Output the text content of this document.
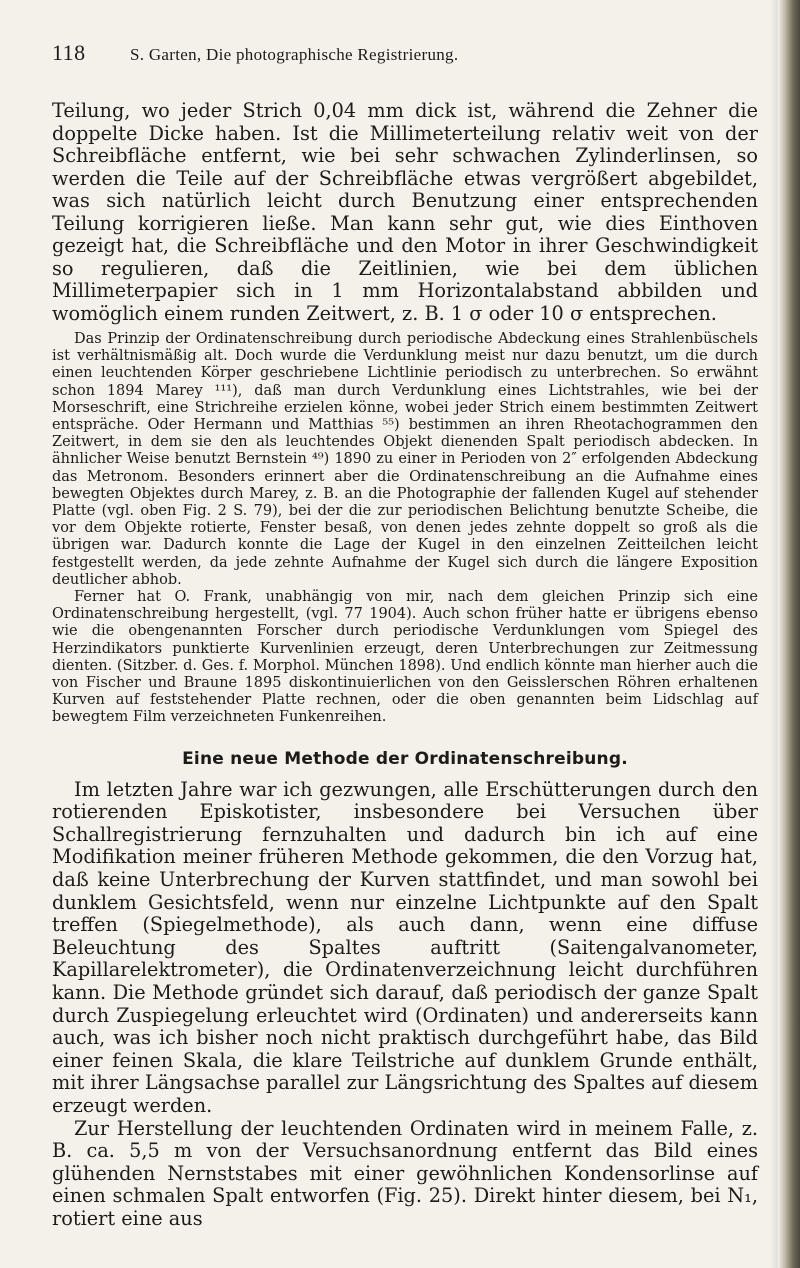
118	S. Garten, Die photographische Registrierung.

Teilung, wo jeder Strich 0,04 mm dick ist, während die Zehner die doppelte Dicke haben. Ist die Millimeterteilung relativ weit von der Schreibfläche entfernt, wie bei sehr schwachen Zylinderlinsen, so werden die Teile auf der Schreibfläche etwas vergrößert abgebildet, was sich natürlich leicht durch Benutzung einer entsprechenden Teilung korrigieren ließe. Man kann sehr gut, wie dies Einthoven gezeigt hat, die Schreibfläche und den Motor in ihrer Geschwindigkeit so regulieren, daß die Zeitlinien, wie bei dem üblichen Millimeterpapier sich in 1 mm Horizontalabstand abbilden und womöglich einem runden Zeitwert, z. B. 1 σ oder 10 σ entsprechen.

Das Prinzip der Ordinatenschreibung durch periodische Abdeckung eines Strahlenbüschels ist verhältnismäßig alt. Doch wurde die Verdunklung meist nur dazu benutzt, um die durch einen leuchtenden Körper geschriebene Lichtlinie periodisch zu unterbrechen. So erwähnt schon 1894 Marey ¹¹¹), daß man durch Verdunklung eines Lichtstrahles, wie bei der Morseschrift, eine Strichreihe erzielen könne, wobei jeder Strich einem bestimmten Zeitwert entspräche. Oder Hermann und Matthias ⁵⁵) bestimmen an ihren Rheotachogrammen den Zeitwert, in dem sie den als leuchtendes Objekt dienenden Spalt periodisch abdecken. In ähnlicher Weise benutzt Bernstein ⁴⁹) 1890 zu einer in Perioden von 2″ erfolgenden Abdeckung das Metronom. Besonders erinnert aber die Ordinatenschreibung an die Aufnahme eines bewegten Objektes durch Marey, z. B. an die Photographie der fallenden Kugel auf stehender Platte (vgl. oben Fig. 2 S. 79), bei der die zur periodischen Belichtung benutzte Scheibe, die vor dem Objekte rotierte, Fenster besaß, von denen jedes zehnte doppelt so groß als die übrigen war. Dadurch konnte die Lage der Kugel in den einzelnen Zeitteilchen leicht festgestellt werden, da jede zehnte Aufnahme der Kugel sich durch die längere Exposition deutlicher abhob.

Ferner hat O. Frank, unabhängig von mir, nach dem gleichen Prinzip sich eine Ordinatenschreibung hergestellt, (vgl. 77 1904). Auch schon früher hatte er übrigens ebenso wie die obengenannten Forscher durch periodische Verdunklungen vom Spiegel des Herzindikators punktierte Kurvenlinien erzeugt, deren Unterbrechungen zur Zeitmessung dienten. (Sitzber. d. Ges. f. Morphol. München 1898). Und endlich könnte man hierher auch die von Fischer und Braune 1895 diskontinuierlichen von den Geisslerschen Röhren erhaltenen Kurven auf feststehender Platte rechnen, oder die oben genannten beim Lidschlag auf bewegtem Film verzeichneten Funkenreihen.

Eine neue Methode der Ordinatenschreibung.

Im letzten Jahre war ich gezwungen, alle Erschütterungen durch den rotierenden Episkotister, insbesondere bei Versuchen über Schallregistrierung fernzuhalten und dadurch bin ich auf eine Modifikation meiner früheren Methode gekommen, die den Vorzug hat, daß keine Unterbrechung der Kurven stattfindet, und man sowohl bei dunklem Gesichtsfeld, wenn nur einzelne Lichtpunkte auf den Spalt treffen (Spiegelmethode), als auch dann, wenn eine diffuse Beleuchtung des Spaltes auftritt (Saitengalvanometer, Kapillarelektrometer), die Ordinatenverzeichnung leicht durchführen kann. Die Methode gründet sich darauf, daß periodisch der ganze Spalt durch Zuspiegelung erleuchtet wird (Ordinaten) und andererseits kann auch, was ich bisher noch nicht praktisch durchgeführt habe, das Bild einer feinen Skala, die klare Teilstriche auf dunklem Grunde enthält, mit ihrer Längsachse parallel zur Längsrichtung des Spaltes auf diesem erzeugt werden.

Zur Herstellung der leuchtenden Ordinaten wird in meinem Falle, z. B. ca. 5,5 m von der Versuchsanordnung entfernt das Bild eines glühenden Nernststabes mit einer gewöhnlichen Kondensorlinse auf einen schmalen Spalt entworfen (Fig. 25). Direkt hinter diesem, bei N₁, rotiert eine aus
